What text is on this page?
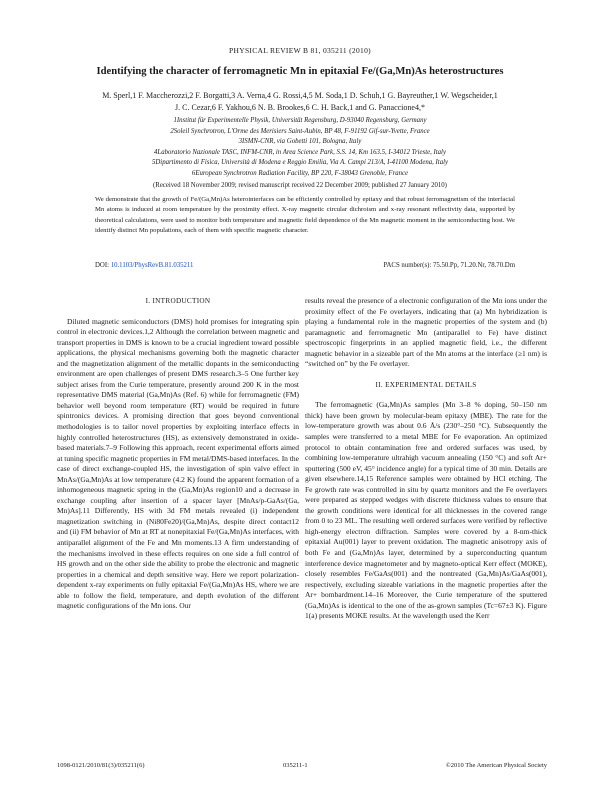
PHYSICAL REVIEW B 81, 035211 (2010)
Identifying the character of ferromagnetic Mn in epitaxial Fe/(Ga,Mn)As heterostructures
M. Sperl,1 F. Maccherozzi,2 F. Borgatti,3 A. Verna,4 G. Rossi,4,5 M. Soda,1 D. Schuh,1 G. Bayreuther,1 W. Wegscheider,1
J. C. Cezar,6 F. Yakhou,6 N. B. Brookes,6 C. H. Back,1 and G. Panaccione4,*
1Institut für Experimentelle Physik, Universität Regensburg, D-93040 Regensburg, Germany
2Soleil Synchrotron, L'Orme des Merisiers Saint-Aubin, BP 48, F-91192 Gif-sur-Yvette, France
3ISMN-CNR, via Gobetti 101, Bologna, Italy
4Laboratorio Nazionale TASC, INFM-CNR, in Area Science Park, S.S. 14, Km 163.5, I-34012 Trieste, Italy
5Dipartimento di Fisica, Università di Modena e Reggio Emilia, Via A. Campi 213/A, I-41100 Modena, Italy
6European Synchrotron Radiation Facility, BP 220, F-38043 Grenoble, France
(Received 18 November 2009; revised manuscript received 22 December 2009; published 27 January 2010)
We demonstrate that the growth of Fe/(Ga,Mn)As heterointerfaces can be efficiently controlled by epitaxy and that robust ferromagnetism of the interfacial Mn atoms is induced at room temperature by the proximity effect. X-ray magnetic circular dichroism and x-ray resonant reflectivity data, supported by theoretical calculations, were used to monitor both temperature and magnetic field dependence of the Mn magnetic moment in the semiconducting host. We identify distinct Mn populations, each of them with specific magnetic character.
DOI: 10.1103/PhysRevB.81.035211	PACS number(s): 75.50.Pp, 71.20.Nr, 78.70.Dm
I. INTRODUCTION

Diluted magnetic semiconductors (DMS) hold promises for integrating spin control in electronic devices.1,2 Although the correlation between magnetic and transport properties in DMS is known to be a crucial ingredient toward possible applications, the physical mechanisms governing both the magnetic character and the magnetization alignment of the metallic dopants in the semiconducting environment are open challenges of present DMS research.3–5 One further key subject arises from the Curie temperature, presently around 200 K in the most representative DMS material (Ga,Mn)As (Ref. 6) while for ferromagnetic (FM) behavior well beyond room temperature (RT) would be required in future spintronics devices. A promising direction that goes beyond conventional methodologies is to tailor novel properties by exploiting interface effects in highly controlled heterostructures (HS), as extensively demonstrated in oxide-based materials.7–9 Following this approach, recent experimental efforts aimed at tuning specific magnetic properties in FM metal/DMS-based interfaces. In the case of direct exchange-coupled HS, the investigation of spin valve effect in MnAs/(Ga,Mn)As at low temperature (4.2 K) found the apparent formation of a inhomogeneous magnetic spring in the (Ga,Mn)As region10 and a decrease in exchange coupling after insertion of a spacer layer [MnAs/p-GaAs/(Ga, Mn)As].11 Differently, HS with 3d FM metals revealed (i) independent magnetization switching in (Ni80Fe20)/(Ga,Mn)As, despite direct contact12 and (ii) FM behavior of Mn at RT at nonepitaxial Fe/(Ga,Mn)As interfaces, with antiparallel alignment of the Fe and Mn moments.13 A firm understanding of the mechanisms involved in these effects requires on one side a full control of HS growth and on the other side the ability to probe the electronic and magnetic properties in a chemical and depth sensitive way. Here we report polarization-dependent x-ray experiments on fully epitaxial Fe/(Ga,Mn)As HS, where we are able to follow the field, temperature, and depth evolution of the different magnetic configurations of the Mn ions. Our

results reveal the presence of a electronic configuration of the Mn ions under the proximity effect of the Fe overlayers, indicating that (a) Mn hybridization is playing a fundamental role in the magnetic properties of the system and (b) paramagnetic and ferromagnetic Mn (antiparallel to Fe) have distinct spectroscopic fingerprints in an applied magnetic field, i.e., the different magnetic behavior in a sizeable part of the Mn atoms at the interface (≥1 nm) is “switched on” by the Fe overlayer.

II. EXPERIMENTAL DETAILS

The ferromagnetic (Ga,Mn)As samples (Mn 3–8 % doping, 50–150 nm thick) have been grown by molecular-beam epitaxy (MBE). The rate for the low-temperature growth was about 0.6 Å/s (230°–250 °C). Subsequently the samples were transferred to a metal MBE for Fe evaporation. An optimized protocol to obtain contamination free and ordered surfaces was used, by combining low-temperature ultrahigh vacuum annealing (150 °C) and soft Ar+ sputtering (500 eV, 45° incidence angle) for a typical time of 30 min. Details are given elsewhere.14,15 Reference samples were obtained by HCl etching. The Fe growth rate was controlled in situ by quartz monitors and the Fe overlayers were prepared as stepped wedges with discrete thickness values to ensure that the growth conditions were identical for all thicknesses in the covered range from 0 to 23 ML. The resulting well ordered surfaces were verified by reflective high-energy electron diffraction. Samples were covered by a 8-nm-thick epitaxial Au(001) layer to prevent oxidation. The magnetic anisotropy axis of both Fe and (Ga,Mn)As layer, determined by a superconducting quantum interference device magnetometer and by magneto-optical Kerr effect (MOKE), closely resembles Fe/GaAs(001) and the nontreated (Ga,Mn)As/GaAs(001), respectively, excluding sizeable variations in the magnetic properties after the Ar+ bombardment.14–16 Moreover, the Curie temperature of the sputtered (Ga,Mn)As is identical to the one of the as-grown samples (Tc=67±3 K). Figure 1(a) presents MOKE results. At the wavelength used the Kerr

1098-0121/2010/81(3)/035211(6)	035211-1	©2010 The American Physical Society
